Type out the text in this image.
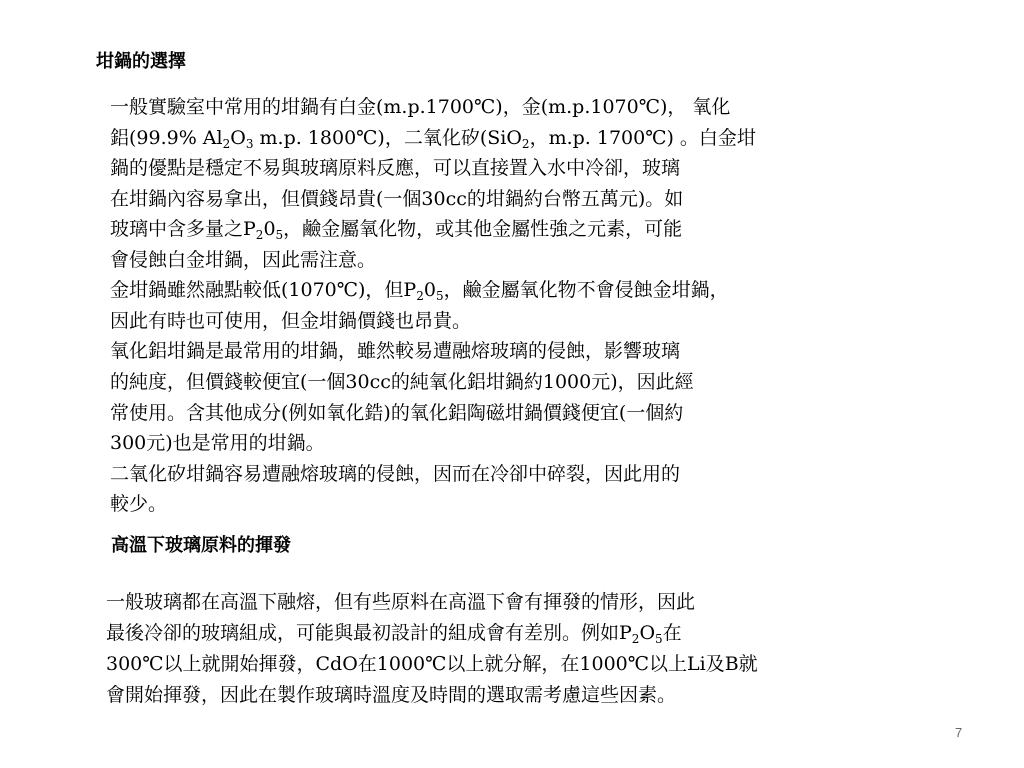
坩鍋的選擇
一般實驗室中常用的坩鍋有白金(m.p.1700℃)，金(m.p.1070℃)， 氧化
鋁(99.9% $Al_2O_3$ m.p. 1800℃)，二氧化矽(SiO$_2$，m.p. 1700℃) 。白金坩
鍋的優點是穩定不易與玻璃原料反應，可以直接置入水中冷卻，玻璃
在坩鍋內容易拿出，但價錢昂貴(一個30cc的坩鍋約台幣五萬元)。如
玻璃中含多量之$P_20_5$，鹼金屬氧化物，或其他金屬性強之元素，可能
會侵蝕白金坩鍋，因此需注意。
金坩鍋雖然融點較低(1070℃)，但$P_20_5$，鹼金屬氧化物不會侵蝕金坩鍋，
因此有時也可使用，但金坩鍋價錢也昂貴。
氧化鋁坩鍋是最常用的坩鍋，雖然較易遭融熔玻璃的侵蝕，影響玻璃
的純度，但價錢較便宜(一個30cc的純氧化鋁坩鍋約1000元)，因此經
常使用。含其他成分(例如氧化鋯)的氧化鋁陶磁坩鍋價錢便宜(一個約
300元)也是常用的坩鍋。
二氧化矽坩鍋容易遭融熔玻璃的侵蝕，因而在冷卻中碎裂，因此用的
較少。
高溫下玻璃原料的揮發
一般玻璃都在高溫下融熔，但有些原料在高溫下會有揮發的情形，因此
最後冷卻的玻璃組成，可能與最初設計的組成會有差別。例如$P_2O_5$在
300℃以上就開始揮發，CdO在1000℃以上就分解，在1000℃以上Li及B就
會開始揮發，因此在製作玻璃時溫度及時間的選取需考慮這些因素。
7
